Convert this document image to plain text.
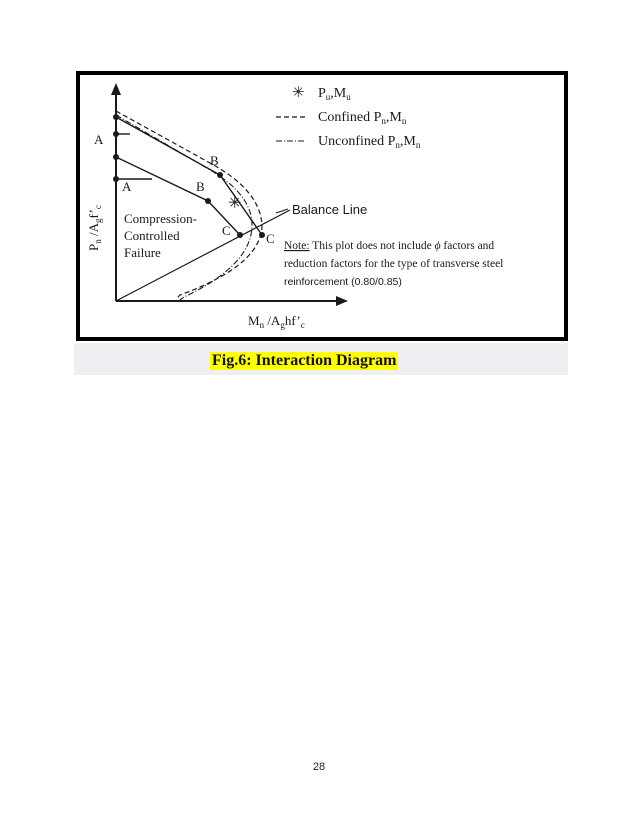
✳
A
A
B
B
C
C
Compression-
Controlled
Failure
Balance Line
$P_n$ $/A_gf’_c$
$M_n$ $/A_ghf’_c$
✳ $P_u,M_u$
Confined $P_n,M_n$
Unconfined $P_n,M_n$
Note: This plot does not include ϕ factors and
reduction factors for the type of transverse steel
reinforcement (0.80/0.85)
Fig.6: Interaction Diagram
28
